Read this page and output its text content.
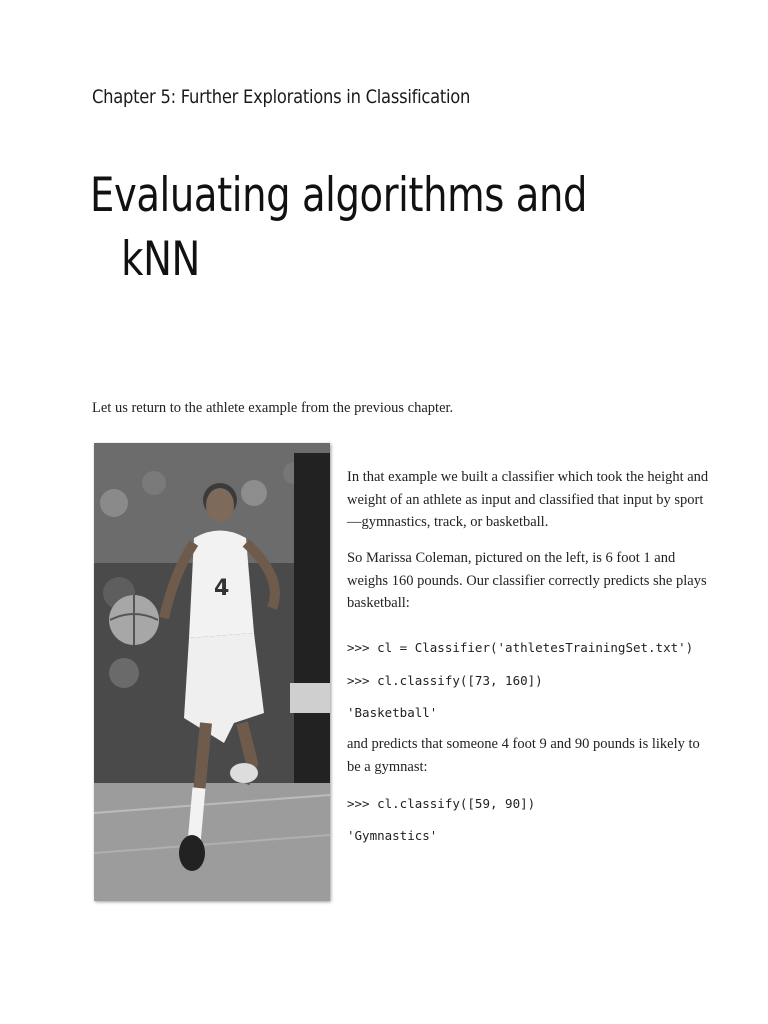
Chapter 5: Further Explorations in Classification
Evaluating algorithms and
kNN
Let us return to the athlete example from the previous chapter.
4

In that example we built a classifier which took the height and weight of an athlete as input and classified that input by sport—gymnastics, track, or basketball.

So Marissa Coleman, pictured on the left, is 6 foot 1 and weighs 160 pounds. Our classifier correctly predicts she plays basketball:

>>> cl = Classifier('athletesTrainingSet.txt')
>>> cl.classify([73, 160])
'Basketball'

and predicts that someone 4 foot 9 and 90 pounds is likely to be a gymnast:

>>> cl.classify([59, 90])
'Gymnastics'
